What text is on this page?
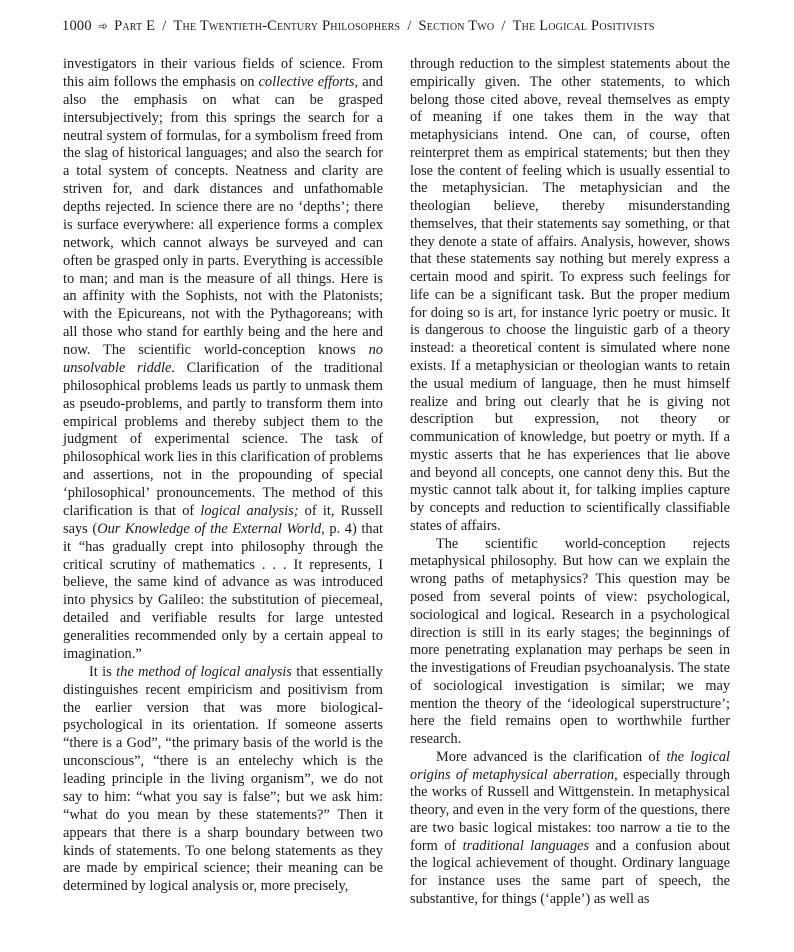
1000 ➾ Part E / The Twentieth-Century Philosophers / Section Two / The Logical Positivists

investigators in their various fields of science. From this aim follows the emphasis on collective efforts, and also the emphasis on what can be grasped intersubjectively; from this springs the search for a neutral system of formulas, for a symbolism freed from the slag of historical languages; and also the search for a total system of concepts. Neatness and clarity are striven for, and dark distances and unfathomable depths rejected. In science there are no ‘depths’; there is surface everywhere: all experience forms a complex network, which cannot always be surveyed and can often be grasped only in parts. Everything is accessible to man; and man is the measure of all things. Here is an affinity with the Sophists, not with the Platonists; with the Epicureans, not with the Pythagoreans; with all those who stand for earthly being and the here and now. The scientific world-conception knows no unsolvable riddle. Clarification of the traditional philosophical problems leads us partly to unmask them as pseudo-problems, and partly to transform them into empirical problems and thereby subject them to the judgment of experimental science. The task of philosophical work lies in this clarification of problems and assertions, not in the propounding of special ‘philosophical’ pronouncements. The method of this clarification is that of logical analysis; of it, Russell says (Our Knowledge of the External World, p. 4) that it “has gradually crept into philosophy through the critical scrutiny of mathematics . . . It represents, I believe, the same kind of advance as was introduced into physics by Galileo: the substitution of piecemeal, detailed and verifiable results for large untested generalities recommended only by a certain appeal to imagination.”

It is the method of logical analysis that essentially distinguishes recent empiricism and positivism from the earlier version that was more biological-psychological in its orientation. If someone asserts “there is a God”, “the primary basis of the world is the unconscious”, “there is an entelechy which is the leading principle in the living organism”, we do not say to him: “what you say is false”; but we ask him: “what do you mean by these statements?” Then it appears that there is a sharp boundary between two kinds of statements. To one belong statements as they are made by empirical science; their meaning can be determined by logical analysis or, more precisely,

through reduction to the simplest statements about the empirically given. The other statements, to which belong those cited above, reveal themselves as empty of meaning if one takes them in the way that metaphysicians intend. One can, of course, often reinterpret them as empirical statements; but then they lose the content of feeling which is usually essential to the metaphysician. The metaphysician and the theologian believe, thereby misunderstanding themselves, that their statements say something, or that they denote a state of affairs. Analysis, however, shows that these statements say nothing but merely express a certain mood and spirit. To express such feelings for life can be a significant task. But the proper medium for doing so is art, for instance lyric poetry or music. It is dangerous to choose the linguistic garb of a theory instead: a theoretical content is simulated where none exists. If a metaphysician or theologian wants to retain the usual medium of language, then he must himself realize and bring out clearly that he is giving not description but expression, not theory or communication of knowledge, but poetry or myth. If a mystic asserts that he has experiences that lie above and beyond all concepts, one cannot deny this. But the mystic cannot talk about it, for talking implies capture by concepts and reduction to scientifically classifiable states of affairs.

The scientific world-conception rejects metaphysical philosophy. But how can we explain the wrong paths of metaphysics? This question may be posed from several points of view: psychological, sociological and logical. Research in a psychological direction is still in its early stages; the beginnings of more penetrating explanation may perhaps be seen in the investigations of Freudian psychoanalysis. The state of sociological investigation is similar; we may mention the theory of the ‘ideological superstructure’; here the field remains open to worthwhile further research.

More advanced is the clarification of the logical origins of metaphysical aberration, especially through the works of Russell and Wittgenstein. In metaphysical theory, and even in the very form of the questions, there are two basic logical mistakes: too narrow a tie to the form of traditional languages and a confusion about the logical achievement of thought. Ordinary language for instance uses the same part of speech, the substantive, for things (‘apple’) as well as
